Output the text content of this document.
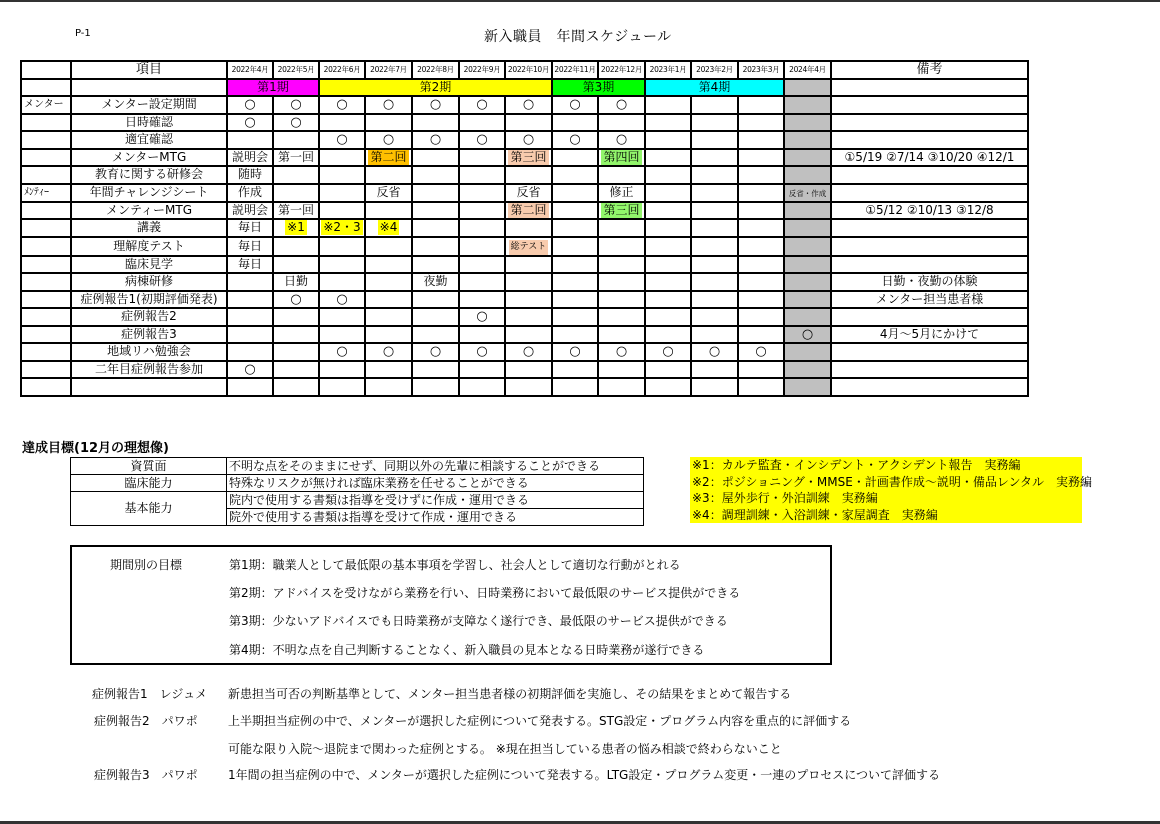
P-1	新入職員　年間スケジュール
	項目	2022年4月	2022年5月	2022年6月	2022年7月	2022年8月	2022年9月	2022年10月	2022年11月	2022年12月	2023年1月	2023年2月	2023年3月	2024年4月	備考
		第1期		第2期					第3期		第4期				
メンター	メンター設定期間	○	○	○	○	○	○	○	○	○					
	日時確認	○	○												
	適宜確認			○	○	○	○	○	○	○					
	メンターMTG	説明会	第一回		第二回			第三回		第四回					①5/19 ②7/14 ③10/20 ④12/1
	教育に関する研修会	随時													
ﾒﾝﾃｨｰ	年間チャレンジシート	作成			反省			反省		修正				反省・作成	
	メンティーMTG	説明会	第一回					第二回		第三回					①5/12 ②10/13 ③12/8
	講義	毎日	※1	※2・3	※4										
	理解度テスト	毎日						総テスト							
	臨床見学	毎日													
	病棟研修		日勤			夜勤									日勤・夜勤の体験
	症例報告1(初期評価発表)		○	○											メンター担当患者様
	症例報告2						○								
	症例報告3													○	4月～5月にかけて
	地域リハ勉強会			○	○	○	○	○	○	○	○	○	○		
	二年目症例報告参加	○													

達成目標(12月の理想像)
資質面	不明な点をそのままにせず、同期以外の先輩に相談することができる
臨床能力	特殊なリスクが無ければ臨床業務を任せることができる
基本能力	院内で使用する書類は指導を受けずに作成・運用できる
	院外で使用する書類は指導を受けて作成・運用できる
※1：カルテ監査・インシデント・アクシデント報告　実務編
※2：ポジショニング・MMSE・計画書作成～説明・備品レンタル　実務編
※3：屋外歩行・外泊訓練　実務編
※4：調理訓練・入浴訓練・家屋調査　実務編
期間別の目標	第1期：職業人として最低限の基本事項を学習し、社会人として適切な行動がとれる
第2期：アドバイスを受けながら業務を行い、日時業務において最低限のサービス提供ができる
第3期：少ないアドバイスでも日時業務が支障なく遂行でき、最低限のサービス提供ができる
第4期：不明な点を自己判断することなく、新入職員の見本となる日時業務が遂行できる
症例報告1　レジュメ 新患担当可否の判断基準として、メンター担当患者様の初期評価を実施し、その結果をまとめて報告する
症例報告2　パワポ	上半期担当症例の中で、メンターが選択した症例について発表する。STG設定・プログラム内容を重点的に評価する
可能な限り入院～退院まで関わった症例とする。 ※現在担当している患者の悩み相談で終わらないこと
症例報告3　パワポ	1年間の担当症例の中で、メンターが選択した症例について発表する。LTG設定・プログラム変更・一連のプロセスについて評価する
